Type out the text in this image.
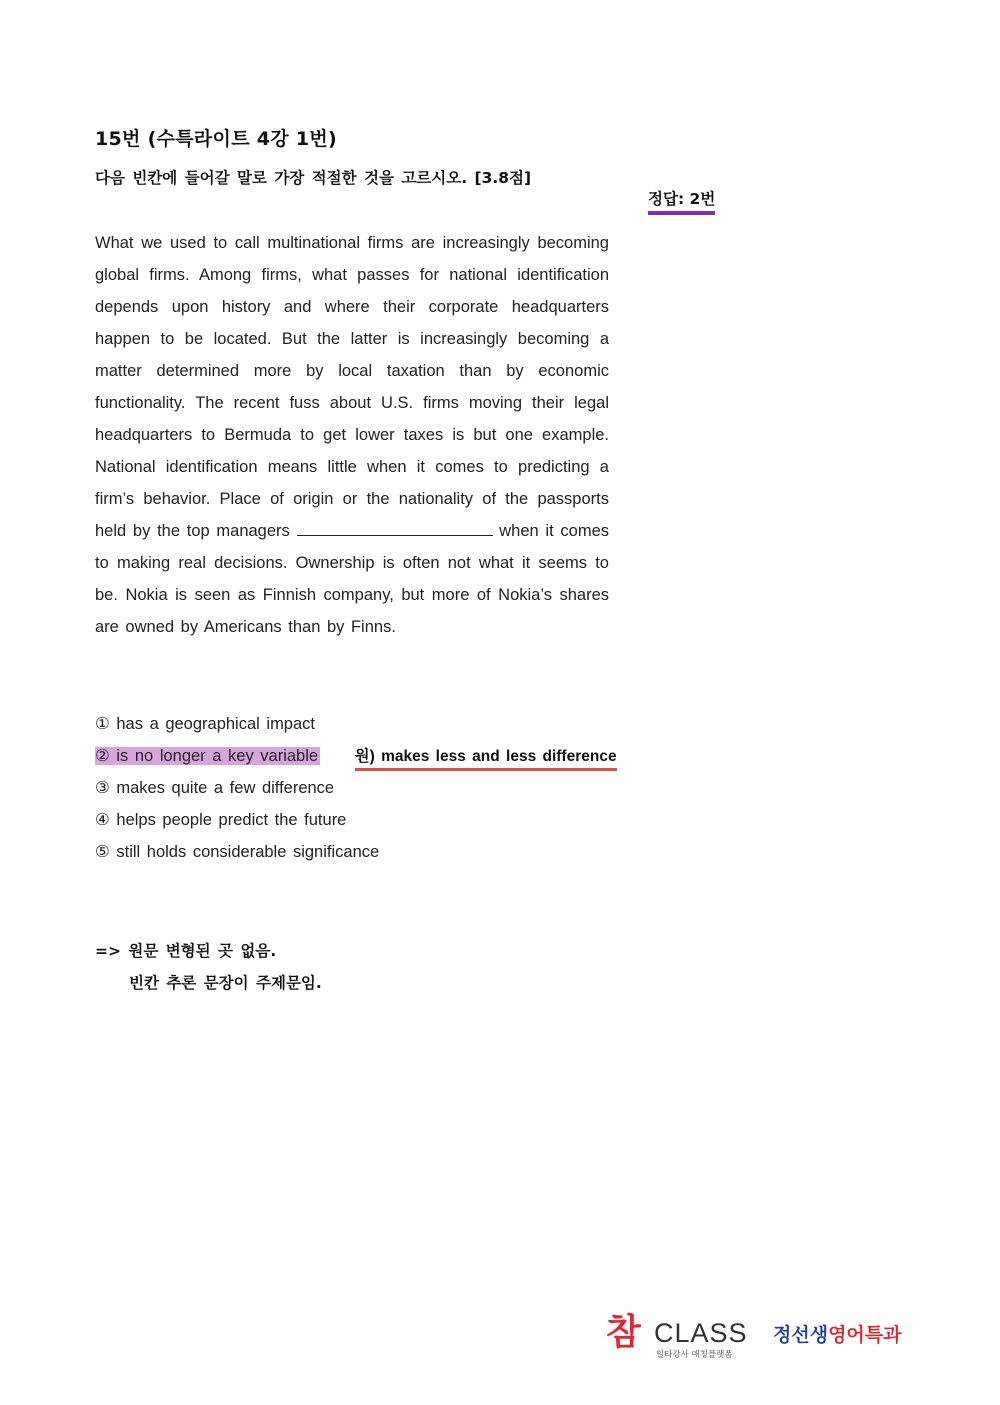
15번 (수특라이트 4강 1번)
다음 빈칸에 들어갈 말로 가장 적절한 것을 고르시오. [3.8점]
정답: 2번
What we used to call multinational firms are increasingly becoming global firms. Among firms, what passes for national identification depends upon history and where their corporate headquarters happen to be located. But the latter is increasingly becoming a matter determined more by local taxation than by economic functionality. The recent fuss about U.S. firms moving their legal headquarters to Bermuda to get lower taxes is but one example. National identification means little when it comes to predicting a firm’s behavior. Place of origin or the nationality of the passports held by the top managers	when it comes to making real decisions. Ownership is often not what it seems to be. Nokia is seen as Finnish company, but more of Nokia’s shares are owned by Americans than by Finns.
① has a geographical impact
② is no longer a key variable 원) makes less and less difference
③ makes quite a few difference
④ helps people predict the future
⑤ still holds considerable significance
=> 원문 변형된 곳 없음.
빈칸 추론 문장이 주제문임.
참 CLASS
일타강사 매칭플랫폼
정선생영어특과
